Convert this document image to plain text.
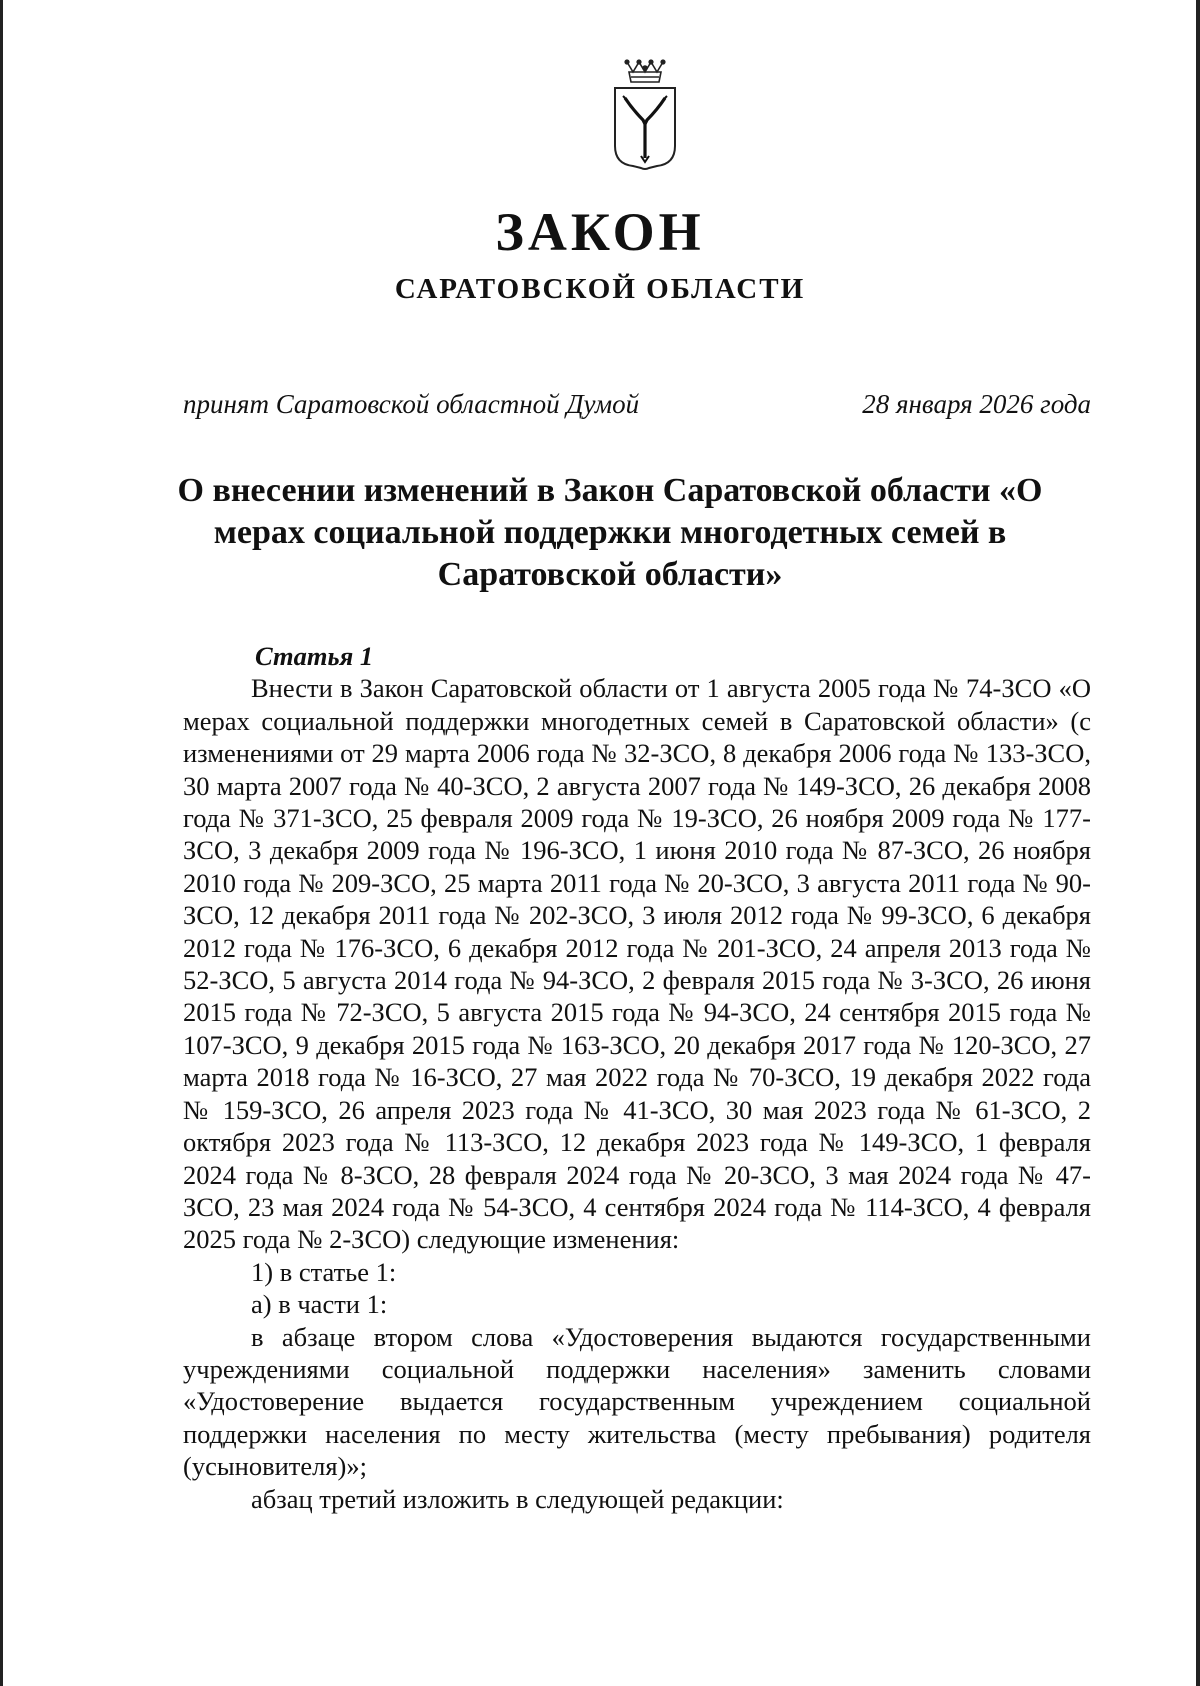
ЗАКОН
САРАТОВСКОЙ ОБЛАСТИ
принят Саратовской областной Думой	28 января 2026 года
О внесении изменений в Закон Саратовской области «О мерах социальной поддержки многодетных семей в Саратовской области»
Статья 1

Внести в Закон Саратовской области от 1 августа 2005 года № 74-ЗСО «О мерах социальной поддержки многодетных семей в Саратовской области» (с изменениями от 29 марта 2006 года № 32-ЗСО, 8 декабря 2006 года № 133-ЗСО, 30 марта 2007 года № 40-ЗСО, 2 августа 2007 года № 149-ЗСО, 26 декабря 2008 года № 371-ЗСО, 25 февраля 2009 года № 19-ЗСО, 26 ноября 2009 года № 177-ЗСО, 3 декабря 2009 года № 196-ЗСО, 1 июня 2010 года № 87-ЗСО, 26 ноября 2010 года № 209-ЗСО, 25 марта 2011 года № 20-ЗСО, 3 августа 2011 года № 90-ЗСО, 12 декабря 2011 года № 202-ЗСО, 3 июля 2012 года № 99-ЗСО, 6 декабря 2012 года № 176-ЗСО, 6 декабря 2012 года № 201-ЗСО, 24 апреля 2013 года № 52-ЗСО, 5 августа 2014 года № 94-ЗСО, 2 февраля 2015 года № 3-ЗСО, 26 июня 2015 года № 72-ЗСО, 5 августа 2015 года № 94-ЗСО, 24 сентября 2015 года № 107-ЗСО, 9 декабря 2015 года № 163-ЗСО, 20 декабря 2017 года № 120-ЗСО, 27 марта 2018 года № 16-ЗСО, 27 мая 2022 года № 70-ЗСО, 19 декабря 2022 года № 159-ЗСО, 26 апреля 2023 года № 41-ЗСО, 30 мая 2023 года № 61-ЗСО, 2 октября 2023 года № 113-ЗСО, 12 декабря 2023 года № 149-ЗСО, 1 февраля 2024 года № 8-ЗСО, 28 февраля 2024 года № 20-ЗСО, 3 мая 2024 года № 47-ЗСО, 23 мая 2024 года № 54-ЗСО, 4 сентября 2024 года № 114-ЗСО, 4 февраля 2025 года № 2-ЗСО) следующие изменения:

1) в статье 1:

а) в части 1:

в абзаце втором слова «Удостоверения выдаются государственными учреждениями социальной поддержки населения» заменить словами «Удостоверение выдается государственным учреждением социальной поддержки населения по месту жительства (месту пребывания) родителя (усыновителя)»;

абзац третий изложить в следующей редакции:
